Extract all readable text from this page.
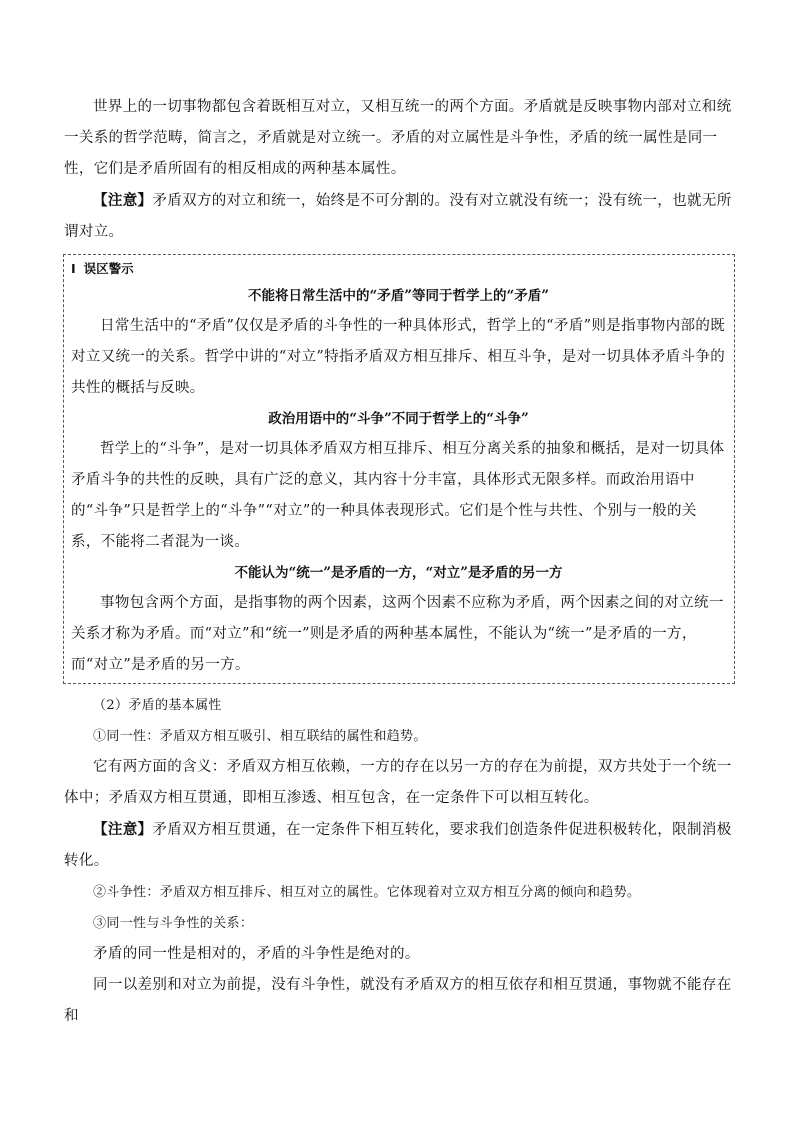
世界上的一切事物都包含着既相互对立，又相互统一的两个方面。矛盾就是反映事物内部对立和统一关系的哲学范畴，简言之，矛盾就是对立统一。矛盾的对立属性是斗争性，矛盾的统一属性是同一性，它们是矛盾所固有的相反相成的两种基本属性。

【注意】矛盾双方的对立和统一，始终是不可分割的。没有对立就没有统一；没有统一，也就无所谓对立。

I 误区警示
不能将日常生活中的“矛盾”等同于哲学上的“矛盾”

日常生活中的“矛盾”仅仅是矛盾的斗争性的一种具体形式，哲学上的“矛盾”则是指事物内部的既对立又统一的关系。哲学中讲的“对立”特指矛盾双方相互排斥、相互斗争，是对一切具体矛盾斗争的共性的概括与反映。

政治用语中的“斗争”不同于哲学上的“斗争”

哲学上的“斗争”，是对一切具体矛盾双方相互排斥、相互分离关系的抽象和概括，是对一切具体矛盾斗争的共性的反映，具有广泛的意义，其内容十分丰富，具体形式无限多样。而政治用语中的“斗争”只是哲学上的“斗争”“对立”的一种具体表现形式。它们是个性与共性、个别与一般的关系，不能将二者混为一谈。

不能认为“统一”是矛盾的一方，“对立”是矛盾的另一方

事物包含两个方面，是指事物的两个因素，这两个因素不应称为矛盾，两个因素之间的对立统一关系才称为矛盾。而“对立”和“统一”则是矛盾的两种基本属性，不能认为“统一”是矛盾的一方，而“对立”是矛盾的另一方。

（2）矛盾的基本属性

①同一性：矛盾双方相互吸引、相互联结的属性和趋势。

它有两方面的含义：矛盾双方相互依赖，一方的存在以另一方的存在为前提，双方共处于一个统一体中；矛盾双方相互贯通，即相互渗透、相互包含，在一定条件下可以相互转化。

【注意】矛盾双方相互贯通，在一定条件下相互转化，要求我们创造条件促进积极转化，限制消极转化。

②斗争性：矛盾双方相互排斥、相互对立的属性。它体现着对立双方相互分离的倾向和趋势。

③同一性与斗争性的关系：

矛盾的同一性是相对的，矛盾的斗争性是绝对的。

同一以差别和对立为前提，没有斗争性，就没有矛盾双方的相互依存和相互贯通，事物就不能存在和
